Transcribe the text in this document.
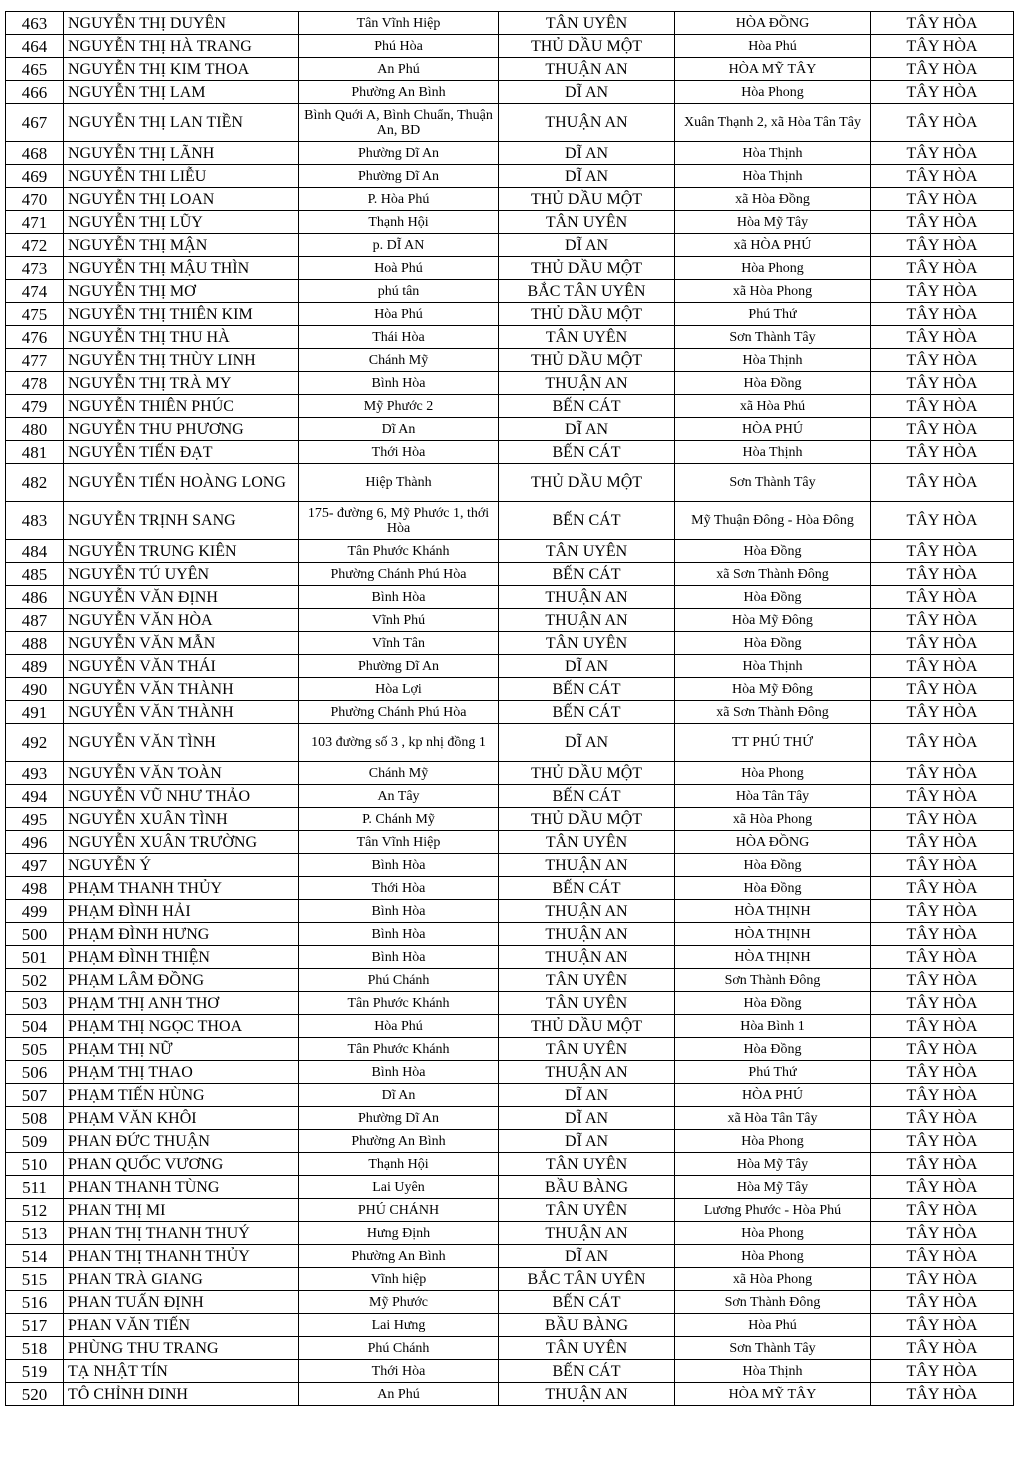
463	NGUYỄN THỊ DUYÊN	Tân Vĩnh Hiệp	TÂN UYÊN	HÒA ĐỒNG	TÂY HÒA
464	NGUYỄN THỊ HÀ TRANG	Phú Hòa	THỦ DẦU MỘT	Hòa Phú	TÂY HÒA
465	NGUYỄN THỊ KIM THOA	An Phú	THUẬN AN	HÒA MỸ TÂY	TÂY HÒA
466	NGUYỄN THỊ LAM	Phường An Bình	DĨ AN	Hòa Phong	TÂY HÒA
467	NGUYỄN THỊ LAN TIỀN	Bình Quới A, Bình Chuẩn, Thuận An, BD	THUẬN AN	Xuân Thạnh 2, xã Hòa Tân Tây	TÂY HÒA
468	NGUYỄN THỊ LÃNH	Phường Dĩ An	DĨ AN	Hòa Thịnh	TÂY HÒA
469	NGUYỄN THI LIỄU	Phường Dĩ An	DĨ AN	Hòa Thịnh	TÂY HÒA
470	NGUYỄN THỊ LOAN	P. Hòa Phú	THỦ DẦU MỘT	xã Hòa Đồng	TÂY HÒA
471	NGUYỄN THỊ LŨY	Thạnh Hội	TÂN UYÊN	Hòa Mỹ Tây	TÂY HÒA
472	NGUYỄN THỊ MẬN	p. DĨ AN	DĨ AN	xã HÒA PHÚ	TÂY HÒA
473	NGUYỄN THỊ MẬU THÌN	Hoà Phú	THỦ DẦU MỘT	Hòa Phong	TÂY HÒA
474	NGUYỄN THỊ MƠ	phú tân	BẮC TÂN UYÊN	xã Hòa Phong	TÂY HÒA
475	NGUYỄN THỊ THIÊN KIM	Hòa Phú	THỦ DẦU MỘT	Phú Thứ	TÂY HÒA
476	NGUYỄN THỊ THU HÀ	Thái Hòa	TÂN UYÊN	Sơn Thành Tây	TÂY HÒA
477	NGUYỄN THỊ THÙY LINH	Chánh Mỹ	THỦ DẦU MỘT	Hòa Thịnh	TÂY HÒA
478	NGUYỄN THỊ TRÀ MY	Bình Hòa	THUẬN AN	Hòa Đồng	TÂY HÒA
479	NGUYỄN THIÊN PHÚC	Mỹ Phước 2	BẾN CÁT	xã Hòa Phú	TÂY HÒA
480	NGUYỄN THU PHƯƠNG	Dĩ An	DĨ AN	HÒA PHÚ	TÂY HÒA
481	NGUYỄN TIẾN ĐẠT	Thới Hòa	BẾN CÁT	Hòa Thịnh	TÂY HÒA
482	NGUYỄN TIẾN HOÀNG LONG	Hiệp Thành	THỦ DẦU MỘT	Sơn Thành Tây	TÂY HÒA
483	NGUYỄN TRỊNH SANG	175- đường 6, Mỹ Phước 1, thới Hòa	BẾN CÁT	Mỹ Thuận Đông - Hòa Đông	TÂY HÒA
484	NGUYỄN TRUNG KIÊN	Tân Phước Khánh	TÂN UYÊN	Hòa Đồng	TÂY HÒA
485	NGUYỄN TÚ UYÊN	Phường Chánh Phú Hòa	BẾN CÁT	xã Sơn Thành Đông	TÂY HÒA
486	NGUYỄN VĂN ĐỊNH	Bình Hòa	THUẬN AN	Hòa Đồng	TÂY HÒA
487	NGUYỄN VĂN HÒA	Vĩnh Phú	THUẬN AN	Hòa Mỹ Đông	TÂY HÒA
488	NGUYỄN VĂN MẪN	Vĩnh Tân	TÂN UYÊN	Hòa Đồng	TÂY HÒA
489	NGUYỄN VĂN THÁI	Phường Dĩ An	DĨ AN	Hòa Thịnh	TÂY HÒA
490	NGUYỄN VĂN THÀNH	Hòa Lợi	BẾN CÁT	Hòa Mỹ Đông	TÂY HÒA
491	NGUYỄN VĂN THÀNH	Phường Chánh Phú Hòa	BẾN CÁT	xã Sơn Thành Đông	TÂY HÒA
492	NGUYỄN VĂN TÌNH	103 đường số 3 , kp nhị đồng 1	DĨ AN	TT PHÚ THỨ	TÂY HÒA
493	NGUYỄN VĂN TOÀN	Chánh Mỹ	THỦ DẦU MỘT	Hòa Phong	TÂY HÒA
494	NGUYỄN VŨ NHƯ THẢO	An Tây	BẾN CÁT	Hòa Tân Tây	TÂY HÒA
495	NGUYỄN XUÂN TÌNH	P. Chánh Mỹ	THỦ DẦU MỘT	xã Hòa Phong	TÂY HÒA
496	NGUYỄN XUÂN TRƯỜNG	Tân Vĩnh Hiệp	TÂN UYÊN	HÒA ĐỒNG	TÂY HÒA
497	NGUYỄN Ý	Bình Hòa	THUẬN AN	Hòa Đồng	TÂY HÒA
498	PHẠM THANH THỦY	Thới Hòa	BẾN CÁT	Hòa Đồng	TÂY HÒA
499	PHẠM ĐÌNH HẢI	Bình Hòa	THUẬN AN	HÒA THỊNH	TÂY HÒA
500	PHẠM ĐÌNH HƯNG	Bình Hòa	THUẬN AN	HÒA THỊNH	TÂY HÒA
501	PHẠM ĐÌNH THIỆN	Bình Hòa	THUẬN AN	HÒA THỊNH	TÂY HÒA
502	PHẠM LÂM ĐỒNG	Phú Chánh	TÂN UYÊN	Sơn Thành Đông	TÂY HÒA
503	PHẠM THỊ ANH THƠ	Tân Phước Khánh	TÂN UYÊN	Hòa Đồng	TÂY HÒA
504	PHẠM THỊ NGỌC THOA	Hòa Phú	THỦ DẦU MỘT	Hòa Bình 1	TÂY HÒA
505	PHẠM THỊ NỮ	Tân Phước Khánh	TÂN UYÊN	Hòa Đồng	TÂY HÒA
506	PHẠM THỊ THAO	Bình Hòa	THUẬN AN	Phú Thứ	TÂY HÒA
507	PHẠM TIẾN HÙNG	Dĩ An	DĨ AN	HÒA PHÚ	TÂY HÒA
508	PHẠM VĂN KHÔI	Phường Dĩ An	DĨ AN	xã Hòa Tân Tây	TÂY HÒA
509	PHAN ĐỨC THUẬN	Phường An Bình	DĨ AN	Hòa Phong	TÂY HÒA
510	PHAN QUỐC VƯƠNG	Thạnh Hội	TÂN UYÊN	Hòa Mỹ Tây	TÂY HÒA
511	PHAN THANH TÙNG	Lai Uyên	BẦU BÀNG	Hòa Mỹ Tây	TÂY HÒA
512	PHAN THỊ MI	PHÚ CHÁNH	TÂN UYÊN	Lương Phước - Hòa Phú	TÂY HÒA
513	PHAN THỊ THANH THUÝ	Hưng Định	THUẬN AN	Hòa Phong	TÂY HÒA
514	PHAN THỊ THANH THỦY	Phường An Bình	DĨ AN	Hòa Phong	TÂY HÒA
515	PHAN TRÀ GIANG	Vĩnh hiệp	BẮC TÂN UYÊN	xã Hòa Phong	TÂY HÒA
516	PHAN TUẤN ĐỊNH	Mỹ Phước	BẾN CÁT	Sơn Thành Đông	TÂY HÒA
517	PHAN VĂN TIẾN	Lai Hưng	BẦU BÀNG	Hòa Phú	TÂY HÒA
518	PHÙNG THU TRANG	Phú Chánh	TÂN UYÊN	Sơn Thành Tây	TÂY HÒA
519	TẠ NHẬT TÍN	Thới Hòa	BẾN CÁT	Hòa Thịnh	TÂY HÒA
520	TÔ CHỈNH DINH	An Phú	THUẬN AN	HÒA MỸ TÂY	TÂY HÒA
